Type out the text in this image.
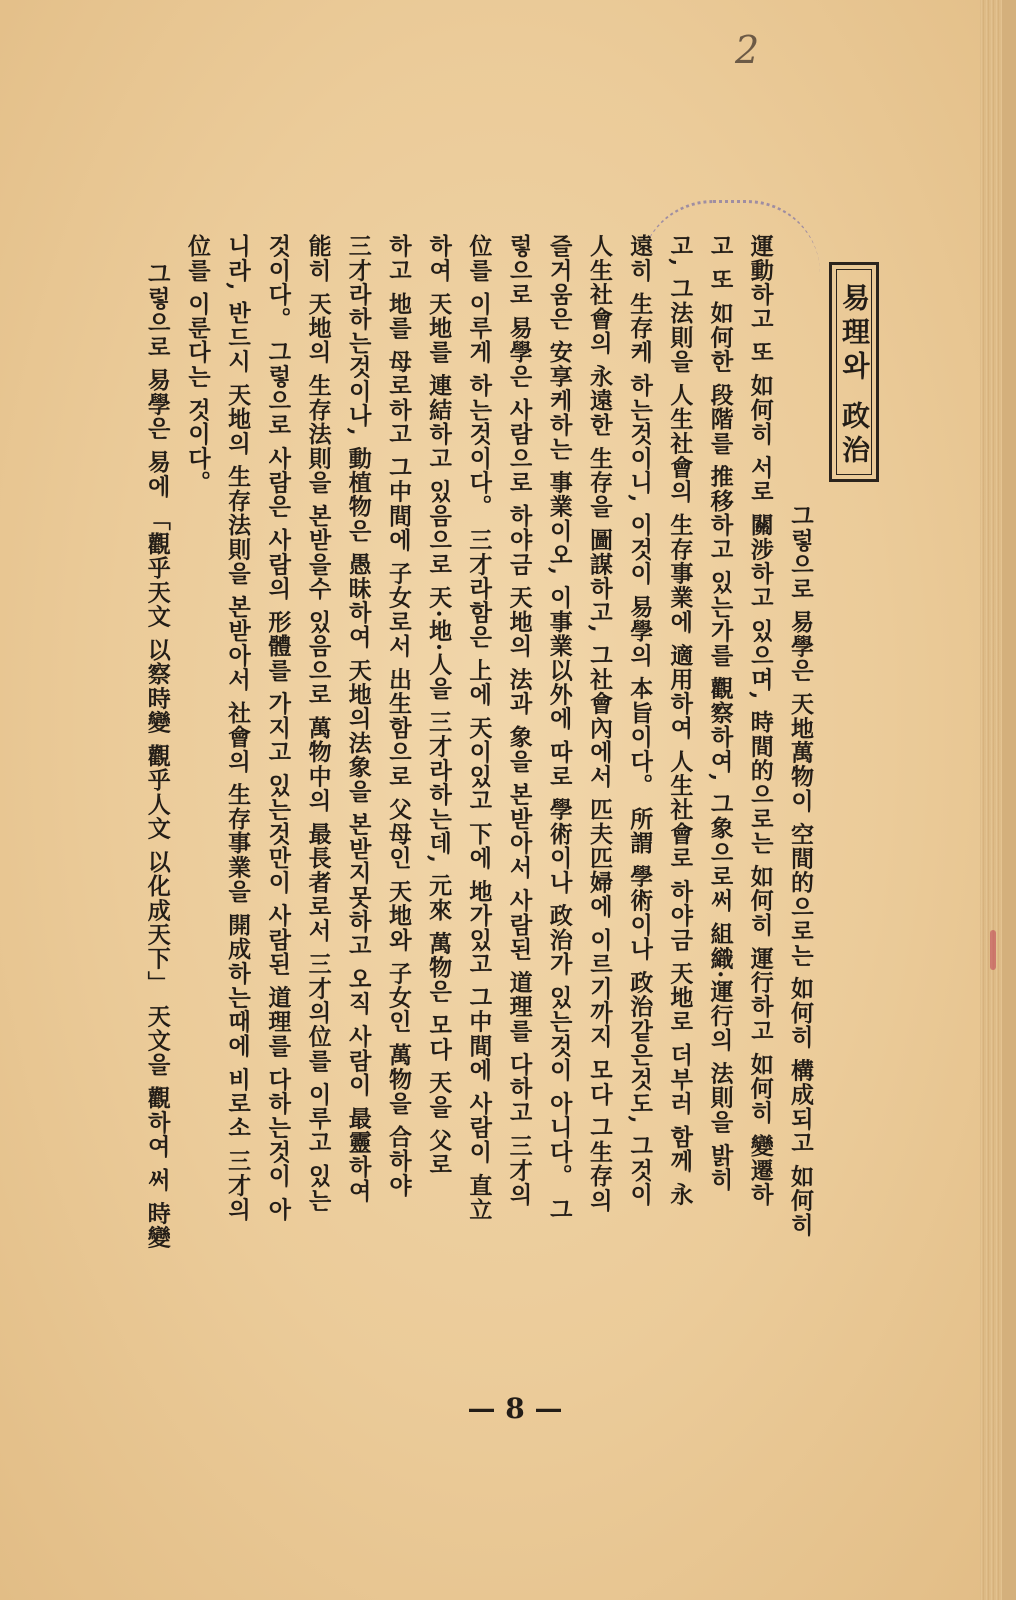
2
易理와 政治
그렇으로 易學은 天地萬物이 空間的으로는 如何히 構成되고 如何히
運動하고 또 如何히 서로 關涉하고 있으며, 時間的으로는 如何히 運行하고 如何히 變遷하
고 또 如何한 段階를 推移하고 있는가를 觀察하여, 그象으로써 組織·運行의 法則을 밝히
고, 그法則을 人生社會의 生存事業에 適用하여 人生社會로 하야금 天地로 더부러 함께 永
遠히 生存케 하는것이니, 이것이 易學의 本旨이다。 所謂 學術이나 政治같은것도, 그것이
人生社會의 永遠한 生存을 圖謀하고, 그社會內에서 匹夫匹婦에 이르기까지 모다 그生存의
즐거움은 安享케하는 事業이오, 이事業以外에 따로 學術이나 政治가 있는것이 아니다。 그
렇으로 易學은 사람으로 하야금 天地의 法과 象을 본받아서 사람된 道理를 다하고 三才의
位를 이루게 하는것이다。 三才라함은 上에 天이있고 下에 地가있고 그中間에 사람이 直立
하여 天地를 連結하고 있음으로 天·地·人을 三才라하는데, 元來 萬物은 모다 天을 父로
하고 地를 母로하고 그中間에 子女로서 出生함으로 父母인 天地와 子女인 萬物을 合하야
三才라하는것이나, 動植物은 愚昧하여 天地의法象을 본받지못하고 오직 사람이 最靈하여
能히 天地의 生存法則을 본받을수 있음으로 萬物中의 最長者로서 三才의位를 이루고 있는
것이다。 그렇으로 사람은 사람의 形體를 가지고 있는것만이 사람된 道理를 다하는것이 아
니라, 반드시 天地의 生存法則을 본받아서 社會의 生存事業을 開成하는때에 비로소 三才의
位를 이룬다는 것이다。
그렇으로 易學은 易에 「觀乎天文 以察時變 觀乎人文 以化成天下」 天文을 觀하여 써 時變
— 8 —
